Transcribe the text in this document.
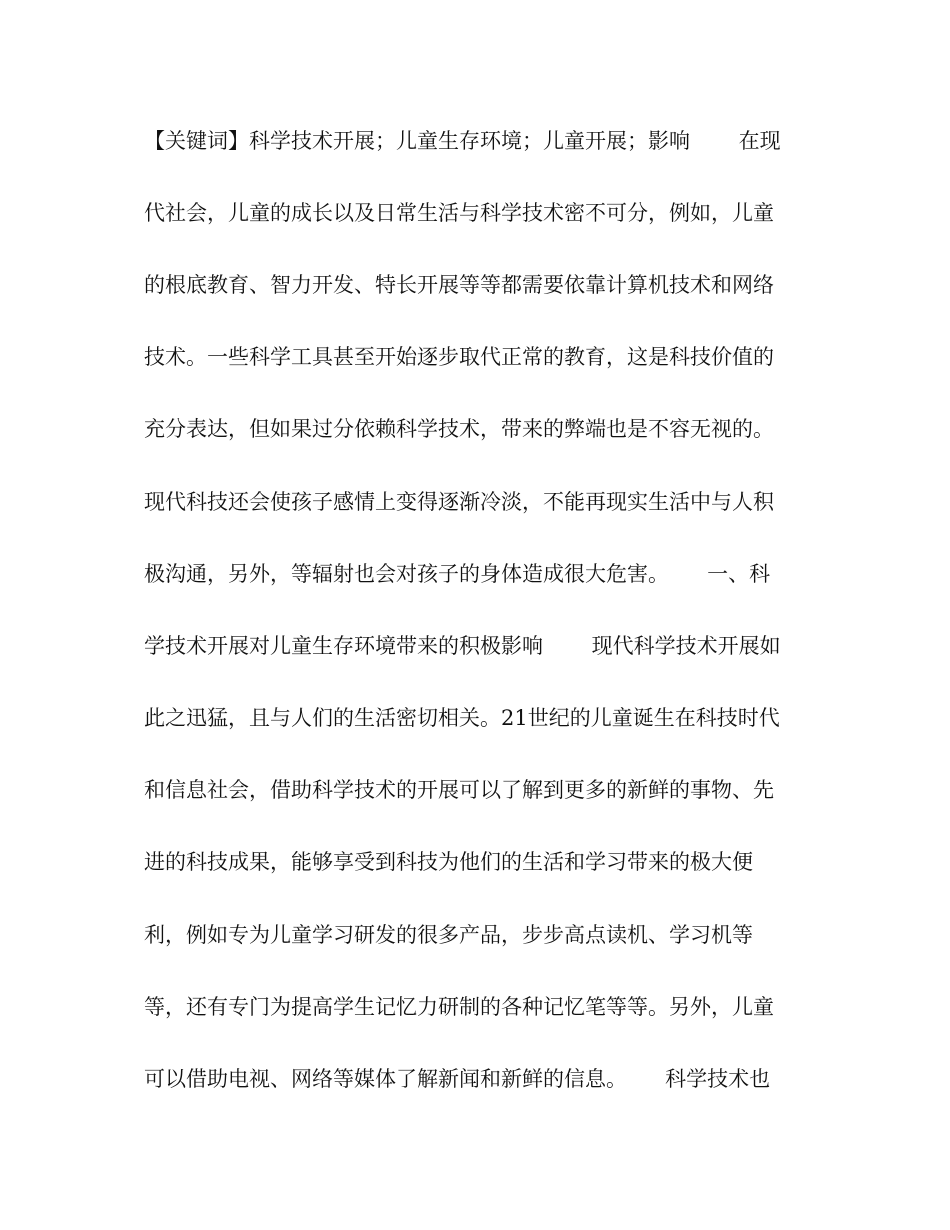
【关键词】科学技术开展；儿童生存环境；儿童开展；影响　　 在现
代社会，儿童的成长以及日常生活与科学技术密不可分，例如，儿童
的根底教育、智力开发、特长开展等等都需要依靠计算机技术和网络
技术。一些科学工具甚至开始逐步取代正常的教育，这是科技价值的
充分表达，但如果过分依赖科学技术，带来的弊端也是不容无视的。
现代科技还会使孩子感情上变得逐渐冷淡，不能再现实生活中与人积
极沟通，另外，等辐射也会对孩子的身体造成很大危害。　　 一、科
学技术开展对儿童生存环境带来的积极影响　　 现代科学技术开展如
此之迅猛，且与人们的生活密切相关。21世纪的儿童诞生在科技时代
和信息社会，借助科学技术的开展可以了解到更多的新鲜的事物、先
进的科技成果，能够享受到科技为他们的生活和学习带来的极大便
利，例如专为儿童学习研发的很多产品，步步高点读机、学习机等
等，还有专门为提高学生记忆力研制的各种记忆笔等等。另外，儿童
可以借助电视、网络等媒体了解新闻和新鲜的信息。　　 科学技术也
